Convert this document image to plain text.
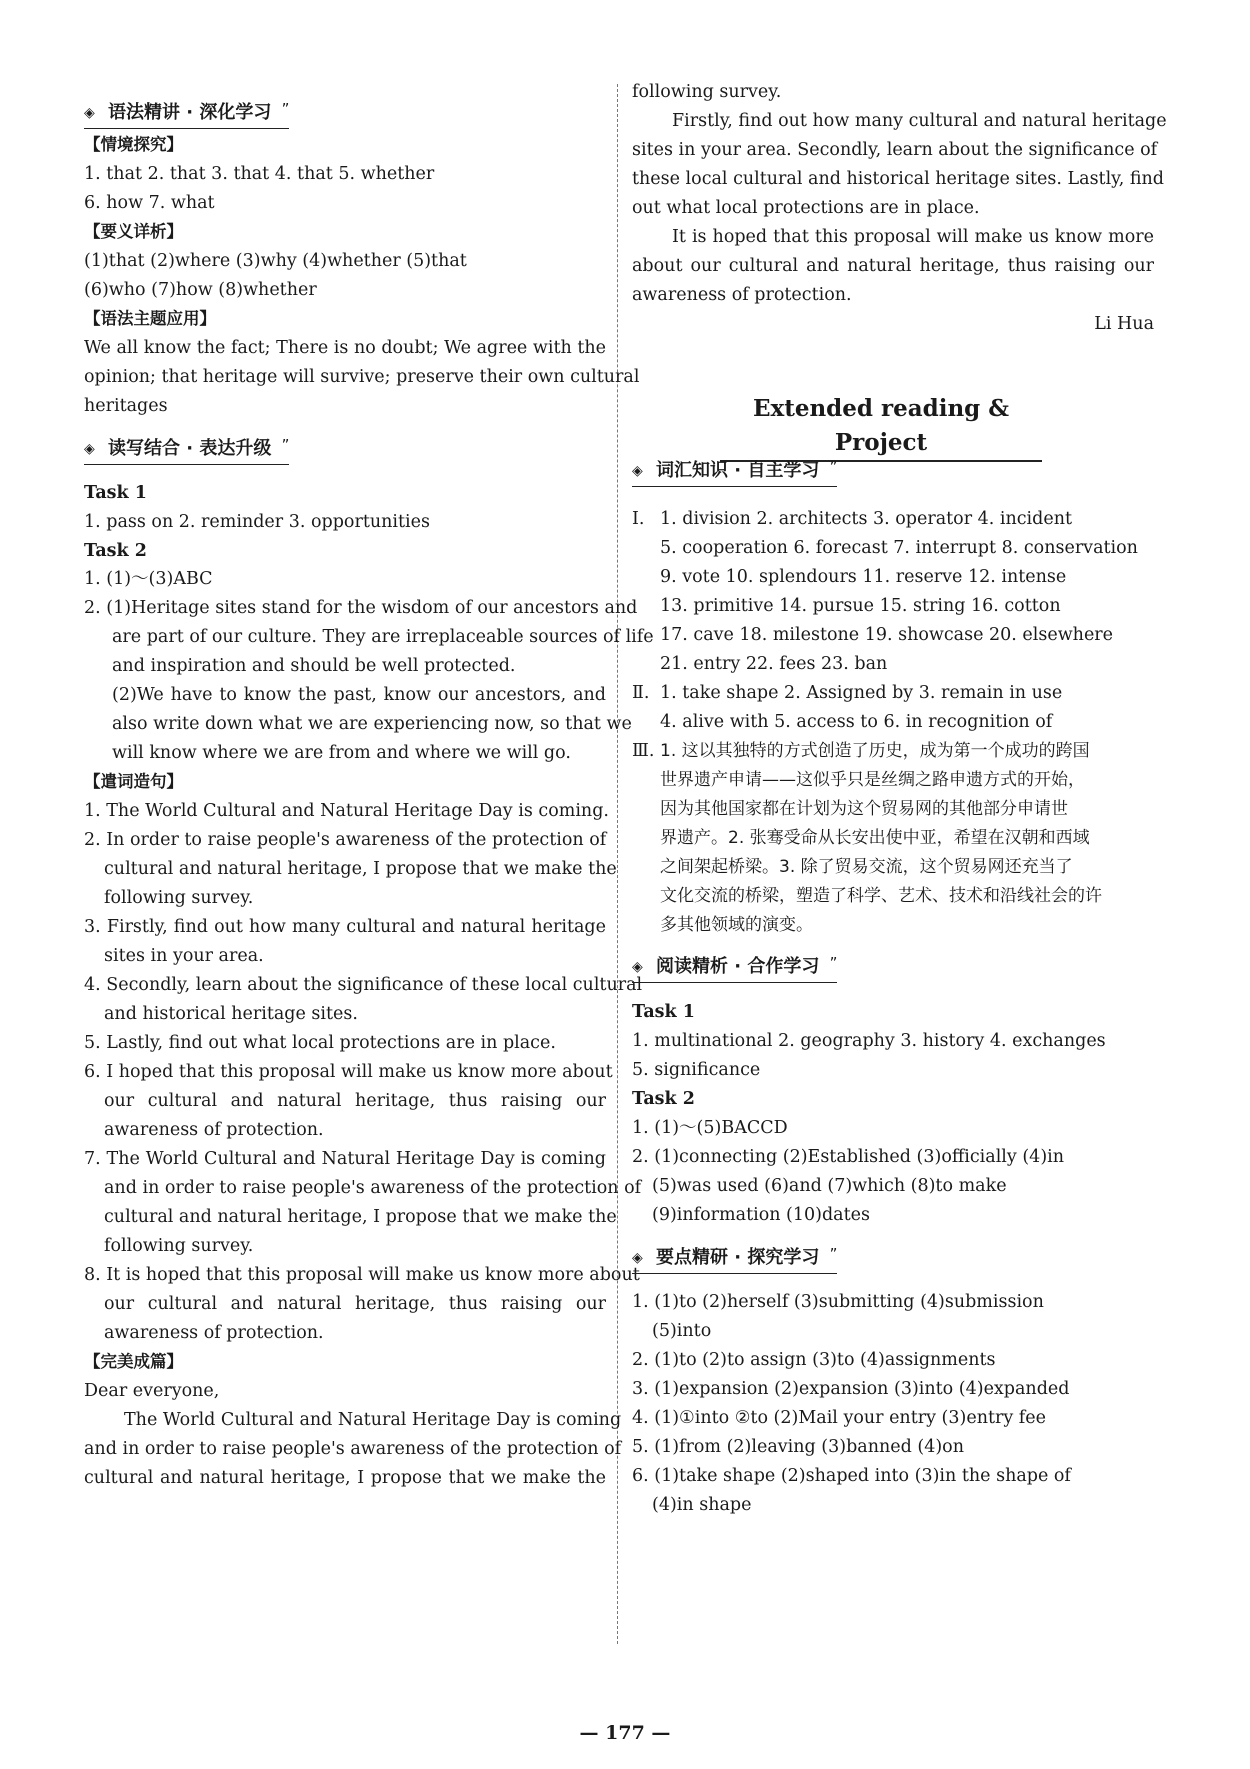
◈ 语法精讲 · 深化学习 ”
【情境探究】
1. that 2. that 3. that 4. that 5. whether
6. how 7. what
【要义详析】
(1)that (2)where (3)why (4)whether (5)that
(6)who (7)how (8)whether
【语法主题应用】
We all know the fact; There is no doubt; We agree with the
opinion; that heritage will survive; preserve their own cultural
heritages
◈ 读写结合 · 表达升级 ”
Task 1
1. pass on 2. reminder 3. opportunities
Task 2
1. (1)～(3)ABC
2. (1)Heritage sites stand for the wisdom of our ancestors and
are part of our culture. They are irreplaceable sources of life
and inspiration and should be well protected.
(2)We have to know the past, know our ancestors, and
also write down what we are experiencing now, so that we
will know where we are from and where we will go.
【遣词造句】
1. The World Cultural and Natural Heritage Day is coming.
2. In order to raise people's awareness of the protection of
cultural and natural heritage, I propose that we make the
following survey.
3. Firstly, find out how many cultural and natural heritage
sites in your area.
4. Secondly, learn about the significance of these local cultural
and historical heritage sites.
5. Lastly, find out what local protections are in place.
6. I hoped that this proposal will make us know more about
our cultural and natural heritage, thus raising our
awareness of protection.
7. The World Cultural and Natural Heritage Day is coming
and in order to raise people's awareness of the protection of
cultural and natural heritage, I propose that we make the
following survey.
8. It is hoped that this proposal will make us know more about
our cultural and natural heritage, thus raising our
awareness of protection.
【完美成篇】
Dear everyone,
The World Cultural and Natural Heritage Day is coming
and in order to raise people's awareness of the protection of
cultural and natural heritage, I propose that we make the
following survey.
Firstly, find out how many cultural and natural heritage
sites in your area. Secondly, learn about the significance of
these local cultural and historical heritage sites. Lastly, find
out what local protections are in place.
It is hoped that this proposal will make us know more
about our cultural and natural heritage, thus raising our
awareness of protection.
Li Hua
Extended reading & Project
◈ 词汇知识 · 自主学习 ”
Ⅰ. 1. division 2. architects 3. operator 4. incident
5. cooperation 6. forecast 7. interrupt 8. conservation
9. vote 10. splendours 11. reserve 12. intense
13. primitive 14. pursue 15. string 16. cotton
17. cave 18. milestone 19. showcase 20. elsewhere
21. entry 22. fees 23. ban
Ⅱ. 1. take shape 2. Assigned by 3. remain in use
4. alive with 5. access to 6. in recognition of
Ⅲ. 1. 这以其独特的方式创造了历史，成为第一个成功的跨国
世界遗产申请——这似乎只是丝绸之路申遗方式的开始，
因为其他国家都在计划为这个贸易网的其他部分申请世
界遗产。2. 张骞受命从长安出使中亚，希望在汉朝和西域
之间架起桥梁。3. 除了贸易交流，这个贸易网还充当了
文化交流的桥梁，塑造了科学、艺术、技术和沿线社会的许
多其他领域的演变。
◈ 阅读精析 · 合作学习 ”
Task 1
1. multinational 2. geography 3. history 4. exchanges
5. significance
Task 2
1. (1)～(5)BACCD
2. (1)connecting (2)Established (3)officially (4)in
(5)was used (6)and (7)which (8)to make
(9)information (10)dates
◈ 要点精研 · 探究学习 ”
1. (1)to (2)herself (3)submitting (4)submission
(5)into
2. (1)to (2)to assign (3)to (4)assignments
3. (1)expansion (2)expansion (3)into (4)expanded
4. (1)①into ②to (2)Mail your entry (3)entry fee
5. (1)from (2)leaving (3)banned (4)on
6. (1)take shape (2)shaped into (3)in the shape of
(4)in shape
— 177 —
